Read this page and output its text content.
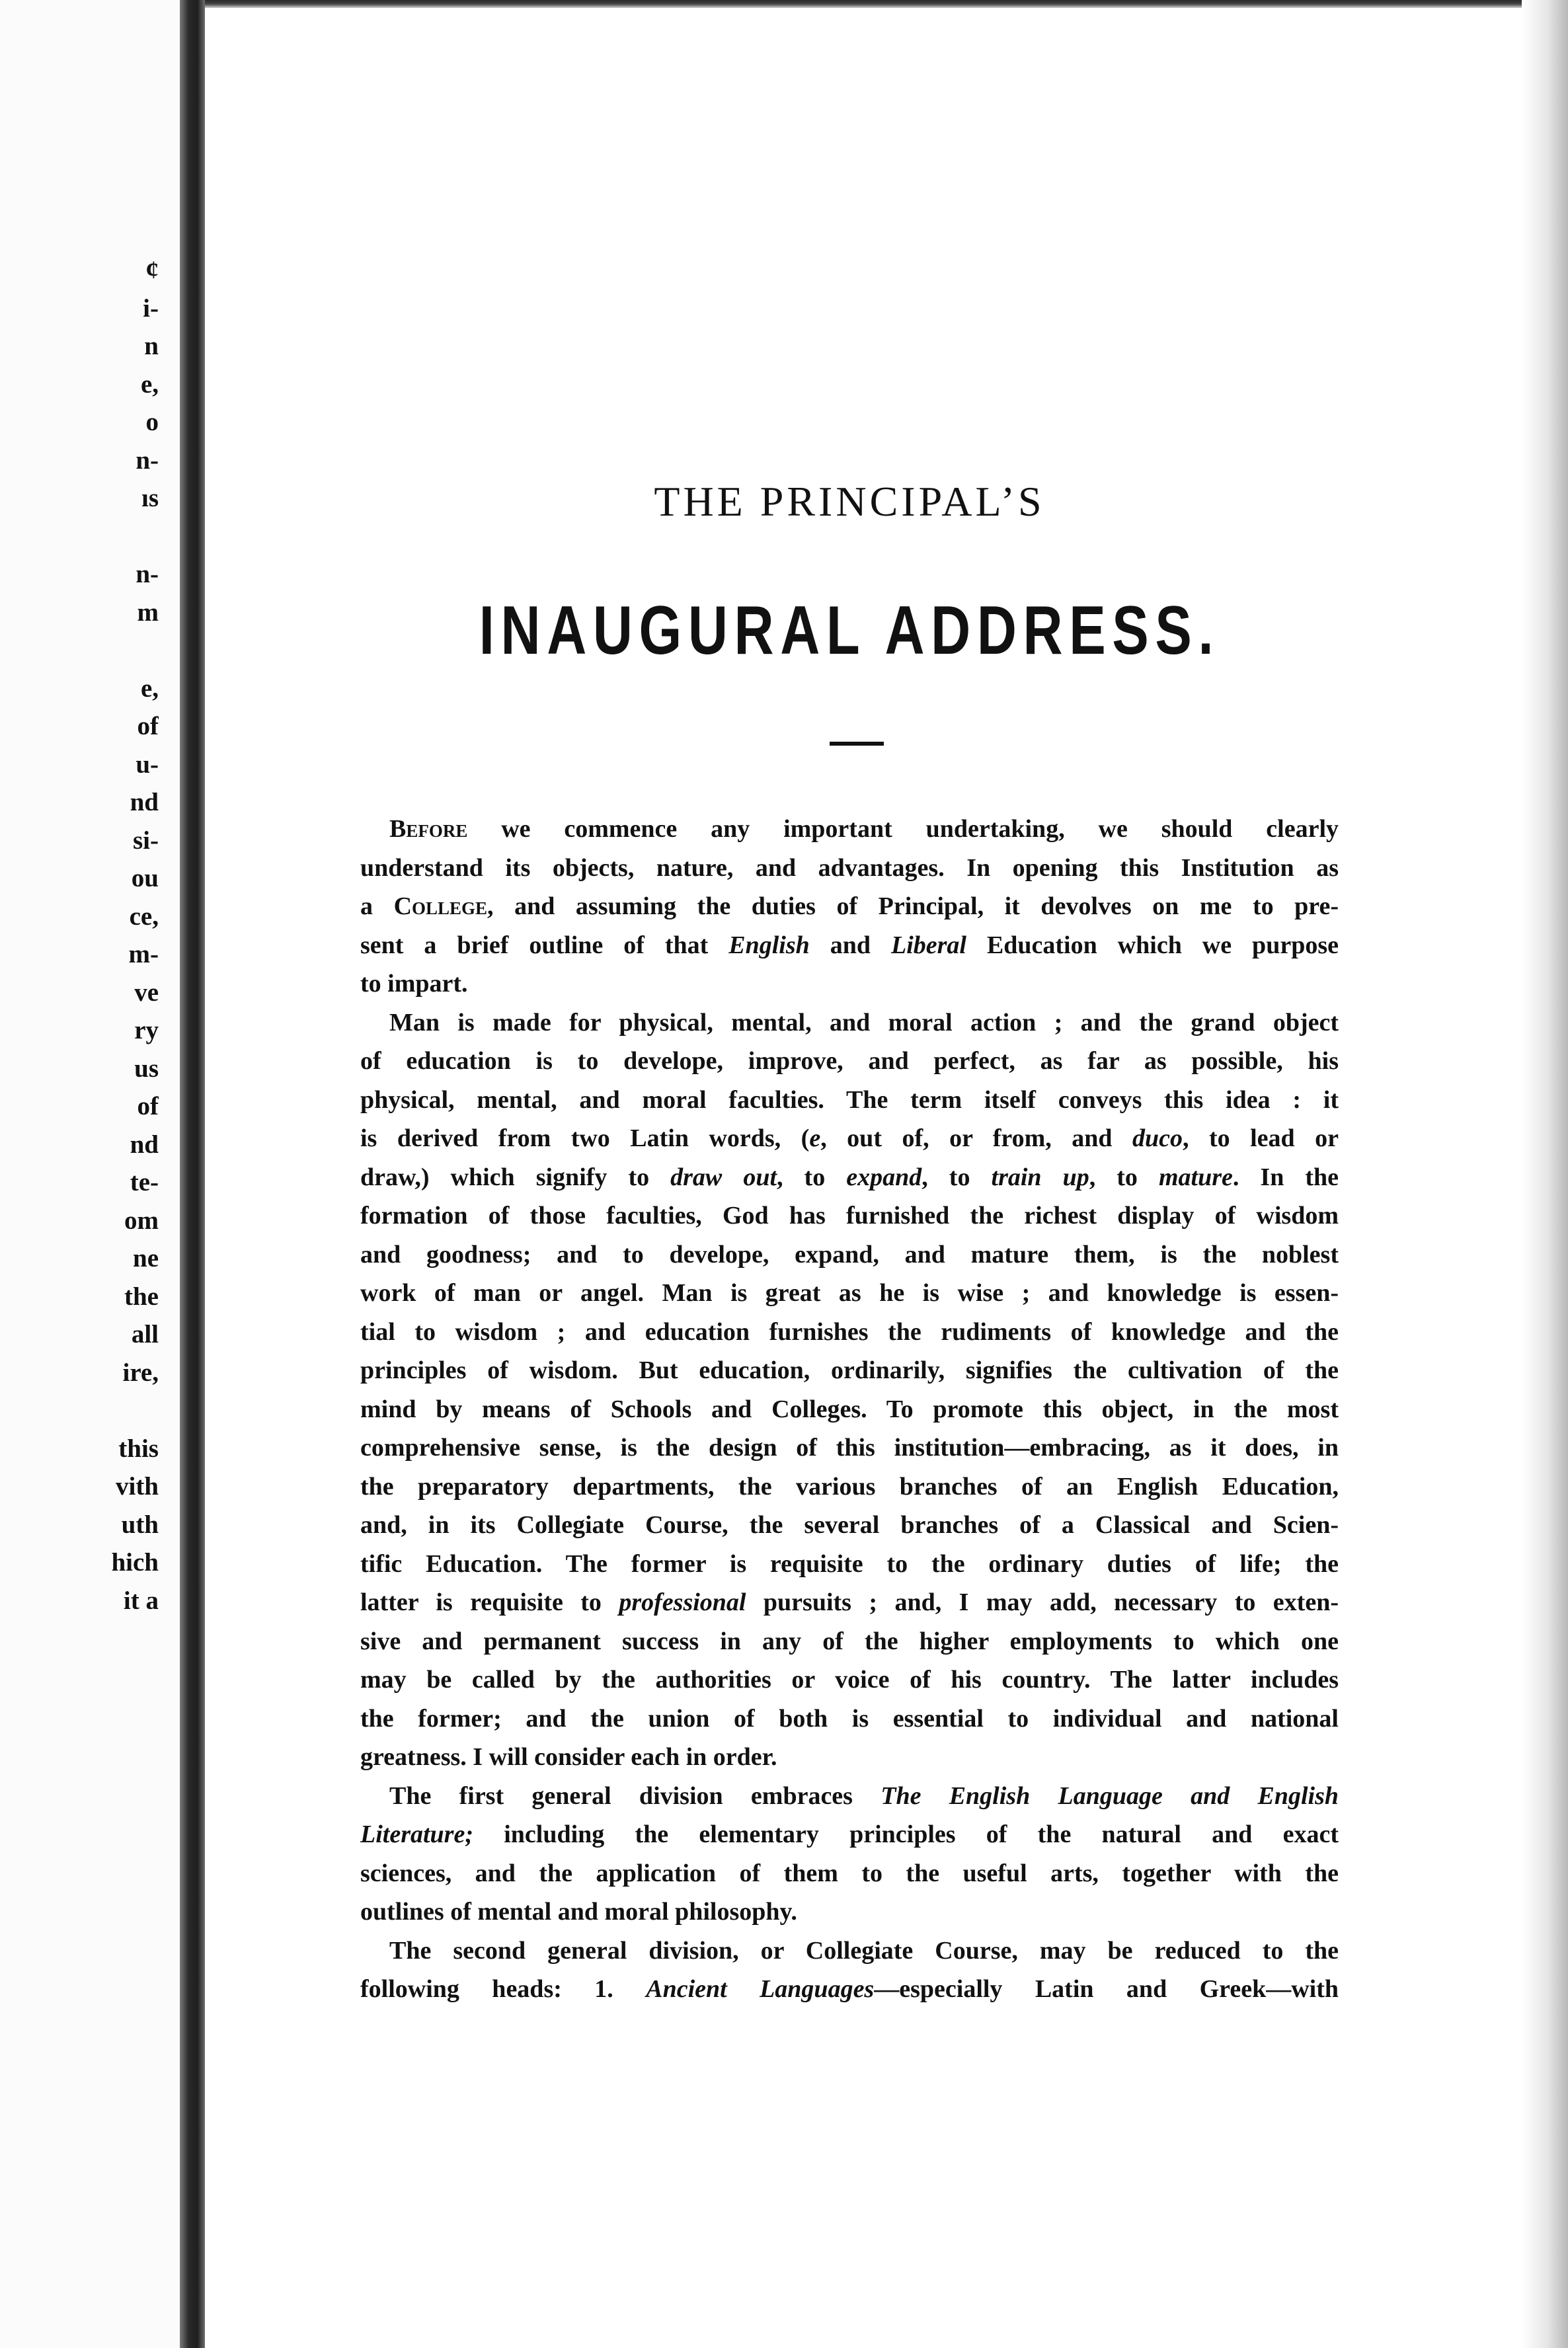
¢
i-
n
e,
o
n-
ıs
n-
m
e,
of
u-
nd
si-
ou
ce,
m-
ve
ry
us
of
nd
te-
om
ne
the
all
ire,
this
vith
uth
hich
it a
THE PRINCIPAL’S
INAUGURAL ADDRESS.
Before we commence any important undertaking, we should clearly
understand its objects, nature, and advantages. In opening this Institution as
a College, and assuming the duties of Principal, it devolves on me to pre-
sent a brief outline of that English and Liberal Education which we purpose
to impart.
Man is made for physical, mental, and moral action ; and the grand object
of education is to develope, improve, and perfect, as far as possible, his
physical, mental, and moral faculties. The term itself conveys this idea : it
is derived from two Latin words, (e, out of, or from, and duco, to lead or
draw,) which signify to draw out, to expand, to train up, to mature. In the
formation of those faculties, God has furnished the richest display of wisdom
and goodness; and to develope, expand, and mature them, is the noblest
work of man or angel. Man is great as he is wise ; and knowledge is essen-
tial to wisdom ; and education furnishes the rudiments of knowledge and the
principles of wisdom. But education, ordinarily, signifies the cultivation of the
mind by means of Schools and Colleges. To promote this object, in the most
comprehensive sense, is the design of this institution—embracing, as it does, in
the preparatory departments, the various branches of an English Education,
and, in its Collegiate Course, the several branches of a Classical and Scien-
tific Education. The former is requisite to the ordinary duties of life; the
latter is requisite to professional pursuits ; and, I may add, necessary to exten-
sive and permanent success in any of the higher employments to which one
may be called by the authorities or voice of his country. The latter includes
the former; and the union of both is essential to individual and national
greatness. I will consider each in order.
The first general division embraces The English Language and English
Literature; including the elementary principles of the natural and exact
sciences, and the application of them to the useful arts, together with the
outlines of mental and moral philosophy.
The second general division, or Collegiate Course, may be reduced to the
following heads: 1. Ancient Languages—especially Latin and Greek—with
